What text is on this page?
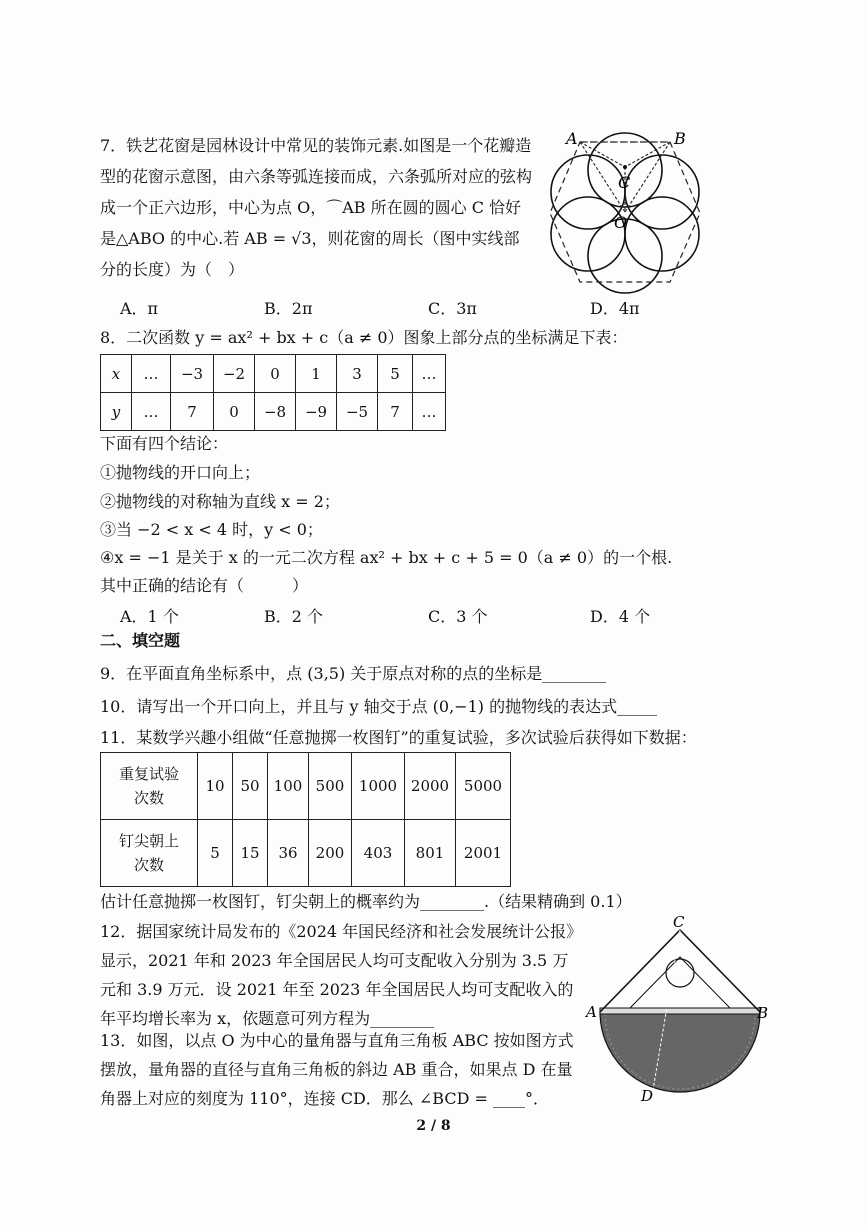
7．铁艺花窗是园林设计中常见的装饰元素.如图是一个花瓣造型的花窗示意图，由六条等弧连接而成，六条弧所对应的弦构成一个正六边形，中心为点 O，⌒AB 所在圆的圆心 C 恰好是△ABO 的中心.若 AB = √3，则花窗的周长（图中实线部分的长度）为（　）
A	B
C
O
A．π	B．2π	C．3π	D．4π
8．二次函数 y = ax² + bx + c（a ≠ 0）图象上部分点的坐标满足下表：
x	…	−3	−2	0	1	3	5	…
y	…	7	0	−8	−9	−5	7	…
下面有四个结论：
①抛物线的开口向上；
②抛物线的对称轴为直线 x = 2；
③当 −2 < x < 4 时，y < 0；
④x = −1 是关于 x 的一元二次方程 ax² + bx + c + 5 = 0（a ≠ 0）的一个根.
其中正确的结论有（　　　）
A．1 个	B．2 个	C．3 个	D．4 个
二、填空题
9．在平面直角坐标系中，点 (3,5) 关于原点对称的点的坐标是________
10．请写出一个开口向上，并且与 y 轴交于点 (0,−1) 的抛物线的表达式_____
11．某数学兴趣小组做“任意抛掷一枚图钉”的重复试验，多次试验后获得如下数据：
重复试验
次数	10	50	100	500	1000	2000	5000

钉尖朝上
次数	5	15	36	200	403	801	2001
估计任意抛掷一枚图钉，钉尖朝上的概率约为________.（结果精确到 0.1）
12．据国家统计局发布的《2024 年国民经济和社会发展统计公报》显示，2021 年和 2023 年全国居民人均可支配收入分别为 3.5 万元和 3.9 万元．设 2021 年至 2023 年全国居民人均可支配收入的年平均增长率为 x，依题意可列方程为________
13．如图，以点 O 为中心的量角器与直角三角板 ABC 按如图方式摆放，量角器的直径与直角三角板的斜边 AB 重合，如果点 D 在量角器上对应的刻度为 110°，连接 CD．那么 ∠BCD = ____°．
C
A	B
D
2 / 8
